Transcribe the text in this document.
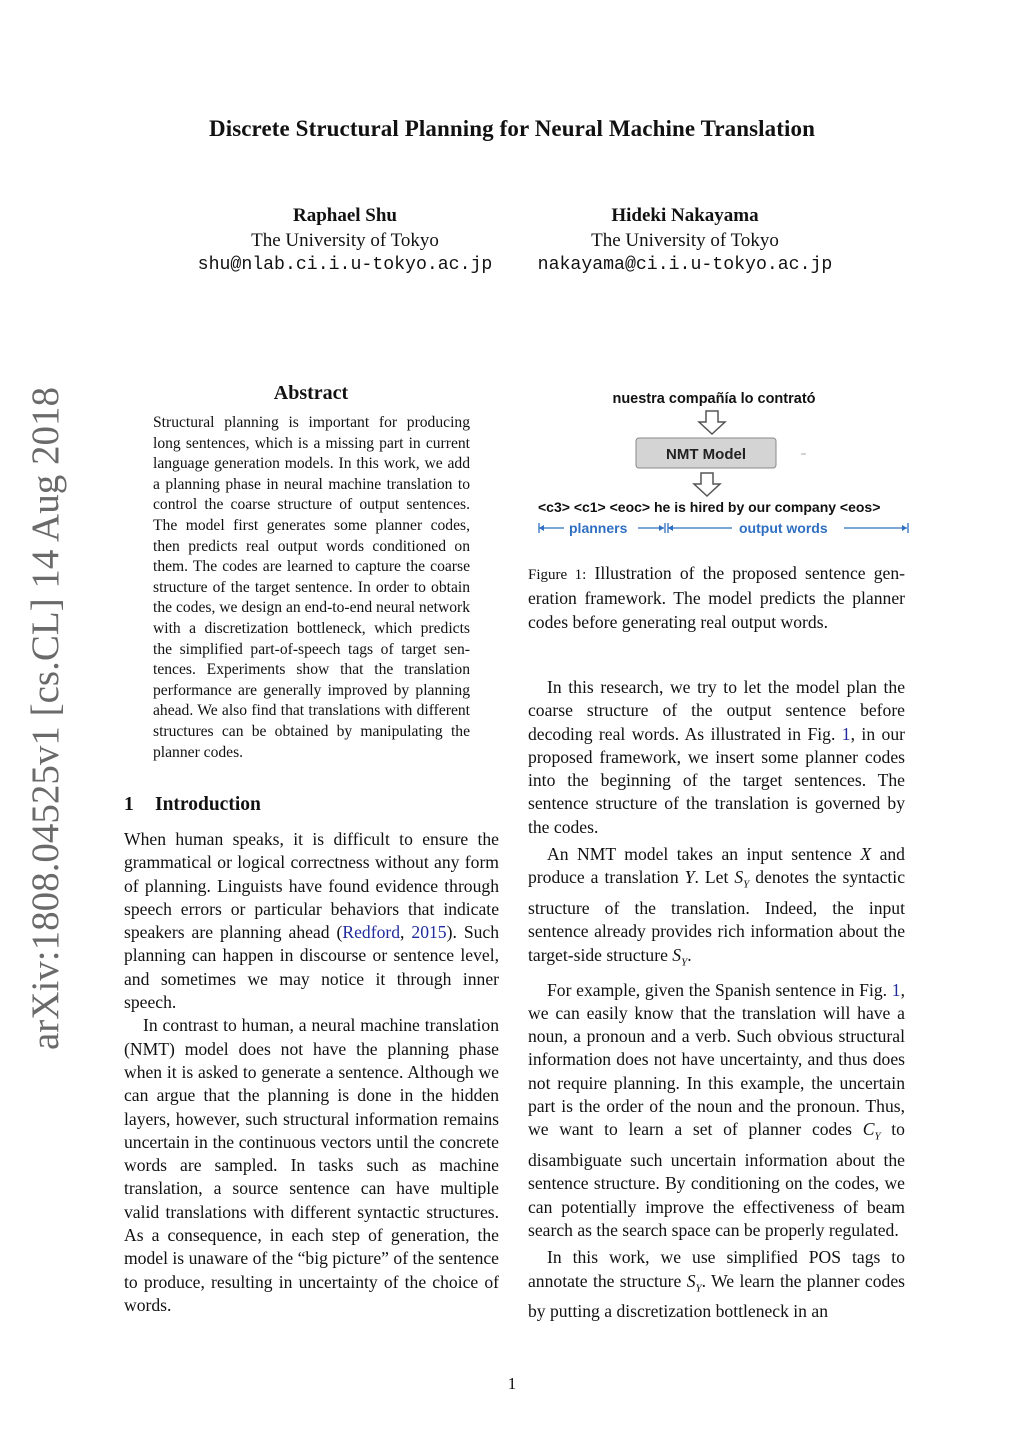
Discrete Structural Planning for Neural Machine Translation
Raphael Shu
The University of Tokyo
shu@nlab.ci.i.u-tokyo.ac.jp
Hideki Nakayama
The University of Tokyo
nakayama@ci.i.u-tokyo.ac.jp
arXiv:1808.04525v1 [cs.CL] 14 Aug 2018	Abstract
Structural planning is important for producing long sentences, which is a missing part in current language generation models. In this work, we add a planning phase in neural machine translation to control the coarse structure of output sentences. The model first generates some planner codes, then predicts real output words conditioned on them. The codes are learned to capture the coarse structure of the target sentence. In order to obtain the codes, we design an end-to-end neural network with a discretization bottleneck, which predicts the simplified part-of-speech tags of target sentences. Experiments show that the translation performance are generally improved by planning ahead. We also find that translations with different structures can be obtained by manipulating the planner codes.
nuestra compañía lo contrató
NMT Model
<c3> <c1> <eoc> he is hired by our company <eos>
planners	output words
Figure 1: Illustration of the proposed sentence generation framework. The model predicts the planner codes before generating real output words.
1 Introduction

When human speaks, it is difficult to ensure the grammatical or logical correctness without any form of planning. Linguists have found evidence through speech errors or particular behaviors that indicate speakers are planning ahead (Redford, 2015). Such planning can happen in discourse or sentence level, and sometimes we may notice it through inner speech.

In contrast to human, a neural machine translation (NMT) model does not have the planning phase when it is asked to generate a sentence. Although we can argue that the planning is done in the hidden layers, however, such structural information remains uncertain in the continuous vectors until the concrete words are sampled. In tasks such as machine translation, a source sentence can have multiple valid translations with different syntactic structures. As a consequence, in each step of generation, the model is unaware of the “big picture” of the sentence to produce, resulting in uncertainty of the choice of words.

In this research, we try to let the model plan the coarse structure of the output sentence before decoding real words. As illustrated in Fig. 1, in our proposed framework, we insert some planner codes into the beginning of the target sentences. The sentence structure of the translation is governed by the codes.

An NMT model takes an input sentence X and produce a translation Y. Let $S_Y$ denotes the syntactic structure of the translation. Indeed, the input sentence already provides rich information about the target-side structure $S_Y$.

For example, given the Spanish sentence in Fig. 1, we can easily know that the translation will have a noun, a pronoun and a verb. Such obvious structural information does not have uncertainty, and thus does not require planning. In this example, the uncertain part is the order of the noun and the pronoun. Thus, we want to learn a set of planner codes $C_Y$ to disambiguate such uncertain information about the sentence structure. By conditioning on the codes, we can potentially improve the effectiveness of beam search as the search space can be properly regulated.

In this work, we use simplified POS tags to annotate the structure $S_Y$. We learn the planner codes by putting a discretization bottleneck in an

1
